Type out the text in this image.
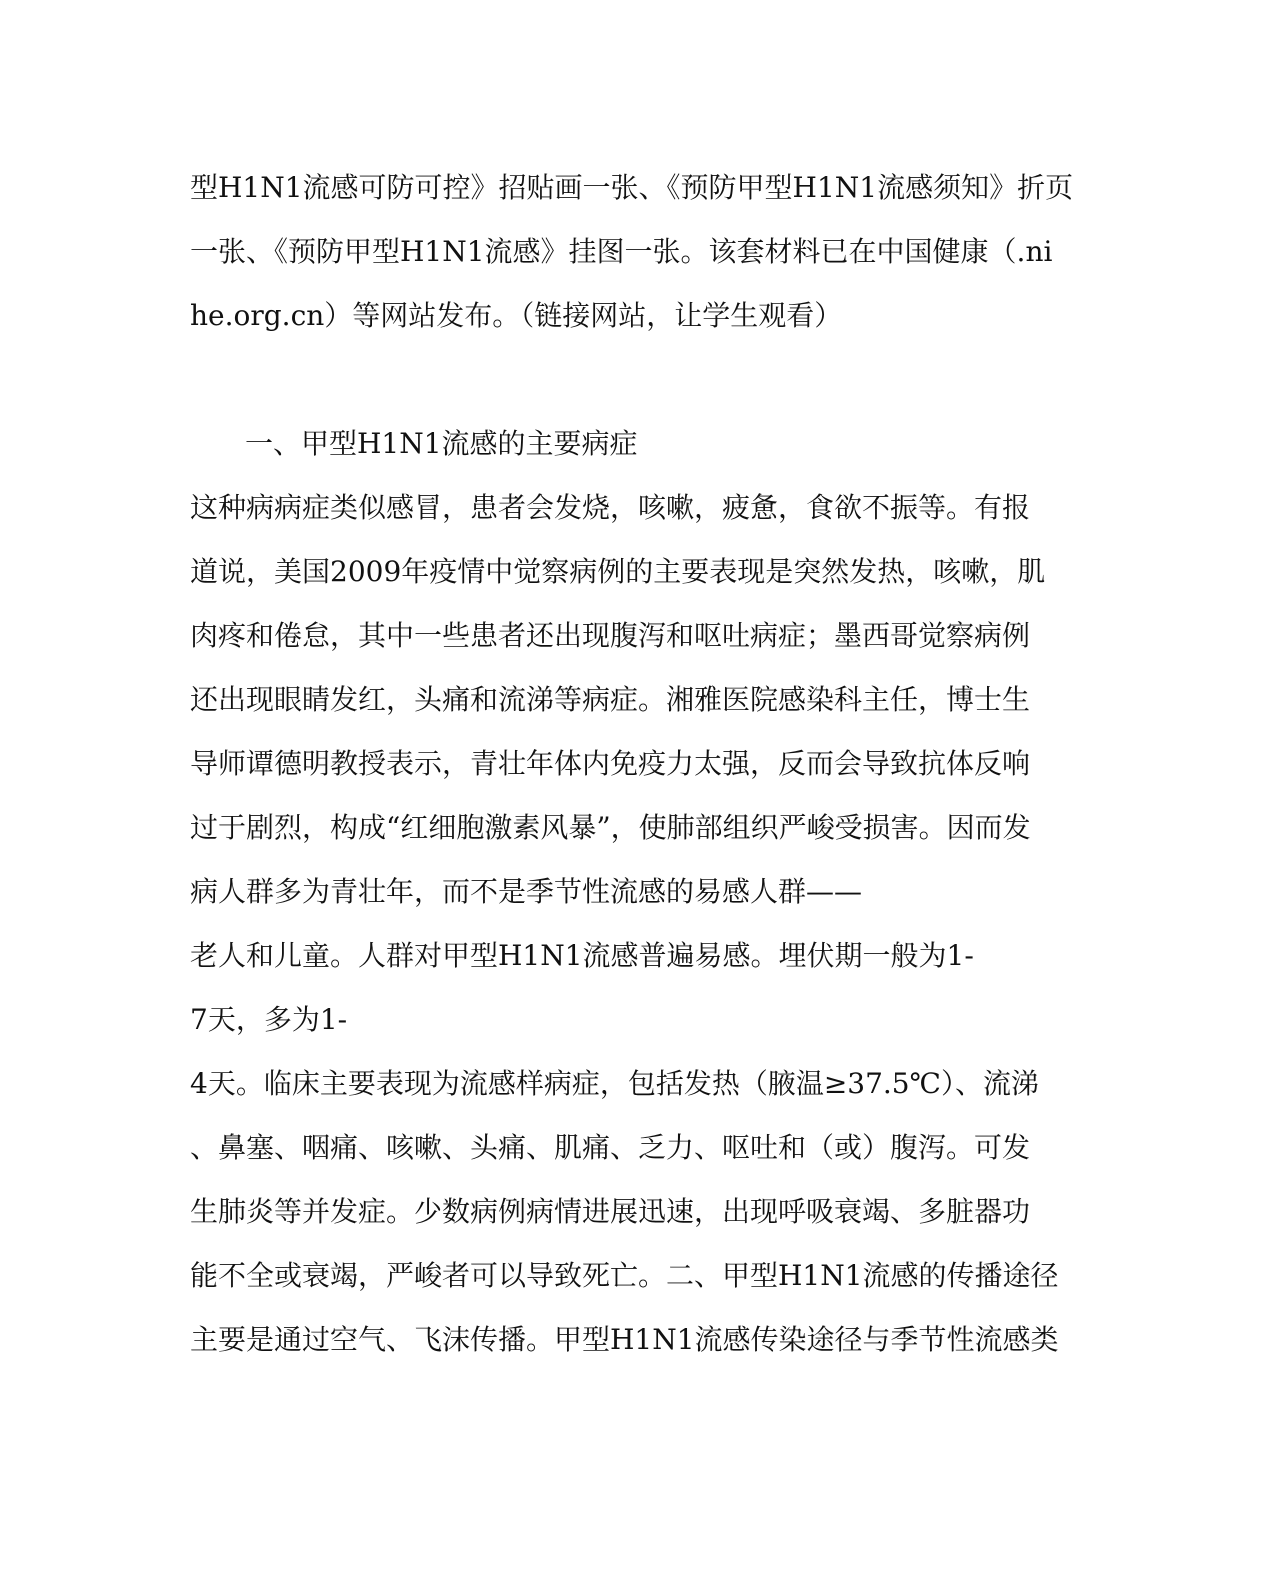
型H1N1流感可防可控》招贴画一张、《预防甲型H1N1流感须知》折页
一张、《预防甲型H1N1流感》挂图一张。该套材料已在中国健康（.ni
he.org.cn）等网站发布。（链接网站，让学生观看）
一、甲型H1N1流感的主要病症
这种病病症类似感冒，患者会发烧，咳嗽，疲惫，食欲不振等。有报
道说，美国2009年疫情中觉察病例的主要表现是突然发热，咳嗽，肌
肉疼和倦怠，其中一些患者还出现腹泻和呕吐病症；墨西哥觉察病例
还出现眼睛发红，头痛和流涕等病症。湘雅医院感染科主任，博士生
导师谭德明教授表示，青壮年体内免疫力太强，反而会导致抗体反响
过于剧烈，构成“红细胞激素风暴”，使肺部组织严峻受损害。因而发
病人群多为青壮年，而不是季节性流感的易感人群——
老人和儿童。人群对甲型H1N1流感普遍易感。埋伏期一般为1-
7天，多为1-
4天。临床主要表现为流感样病症，包括发热（腋温≥37.5℃）、流涕
、鼻塞、咽痛、咳嗽、头痛、肌痛、乏力、呕吐和（或）腹泻。可发
生肺炎等并发症。少数病例病情进展迅速，出现呼吸衰竭、多脏器功
能不全或衰竭，严峻者可以导致死亡。二、甲型H1N1流感的传播途径
主要是通过空气、飞沫传播。甲型H1N1流感传染途径与季节性流感类
